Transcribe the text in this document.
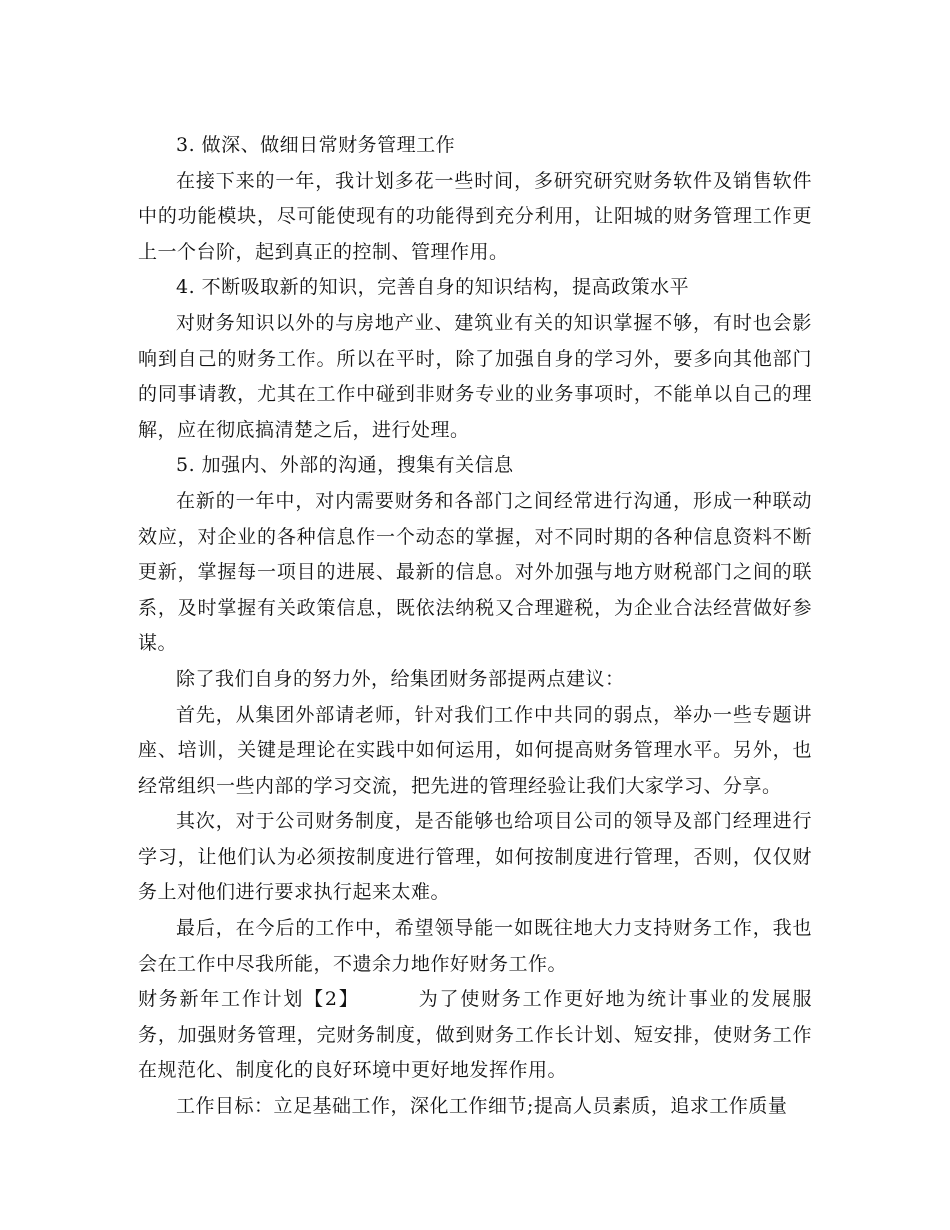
3. 做深、做细日常财务管理工作

在接下来的一年，我计划多花一些时间，多研究研究财务软件及销售软件中的功能模块，尽可能使现有的功能得到充分利用，让阳城的财务管理工作更上一个台阶，起到真正的控制、管理作用。

4. 不断吸取新的知识，完善自身的知识结构，提高政策水平

对财务知识以外的与房地产业、建筑业有关的知识掌握不够，有时也会影响到自己的财务工作。所以在平时，除了加强自身的学习外，要多向其他部门的同事请教，尤其在工作中碰到非财务专业的业务事项时，不能单以自己的理解，应在彻底搞清楚之后，进行处理。

5. 加强内、外部的沟通，搜集有关信息

在新的一年中，对内需要财务和各部门之间经常进行沟通，形成一种联动效应，对企业的各种信息作一个动态的掌握，对不同时期的各种信息资料不断更新，掌握每一项目的进展、最新的信息。对外加强与地方财税部门之间的联系，及时掌握有关政策信息，既依法纳税又合理避税，为企业合法经营做好参谋。

除了我们自身的努力外，给集团财务部提两点建议：

首先，从集团外部请老师，针对我们工作中共同的弱点，举办一些专题讲座、培训，关键是理论在实践中如何运用，如何提高财务管理水平。另外，也经常组织一些内部的学习交流，把先进的管理经验让我们大家学习、分享。

其次，对于公司财务制度，是否能够也给项目公司的领导及部门经理进行学习，让他们认为必须按制度进行管理，如何按制度进行管理，否则，仅仅财务上对他们进行要求执行起来太难。

最后，在今后的工作中，希望领导能一如既往地大力支持财务工作，我也会在工作中尽我所能，不遗余力地作好财务工作。

财务新年工作计划【2】	为了使财务工作更好地为统计事业的发展服务，加强财务管理，完财务制度，做到财务工作长计划、短安排，使财务工作在规范化、制度化的良好环境中更好地发挥作用。

工作目标：立足基础工作，深化工作细节;提高人员素质，追求工作质量
